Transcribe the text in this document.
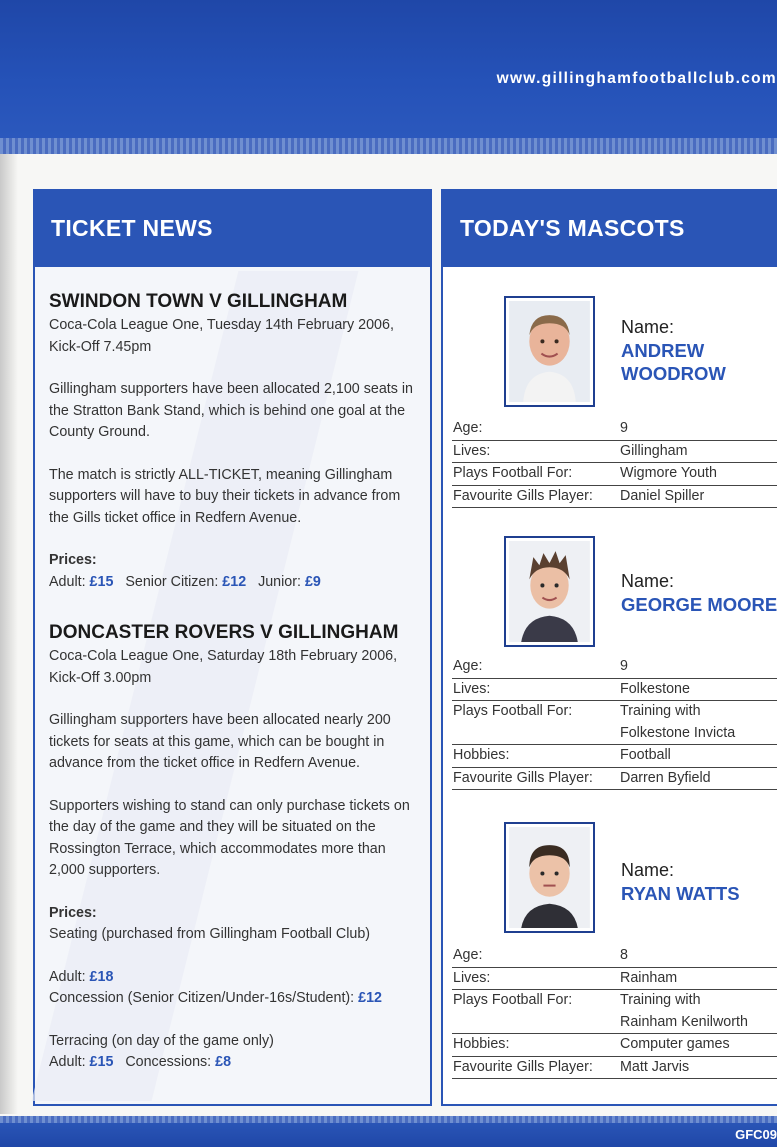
www.gillinghamfootballclub.com
TICKET NEWS
SWINDON TOWN V GILLINGHAM
Coca-Cola League One, Tuesday 14th February 2006, Kick-Off 7.45pm
Gillingham supporters have been allocated 2,100 seats in the Stratton Bank Stand, which is behind one goal at the County Ground.
The match is strictly ALL-TICKET, meaning Gillingham supporters will have to buy their tickets in advance from the Gills ticket office in Redfern Avenue.
Prices:
Adult: £15 Senior Citizen: £12 Junior: £9
DONCASTER ROVERS V GILLINGHAM
Coca-Cola League One, Saturday 18th February 2006, Kick-Off 3.00pm
Gillingham supporters have been allocated nearly 200 tickets for seats at this game, which can be bought in advance from the ticket office in Redfern Avenue.
Supporters wishing to stand can only purchase tickets on the day of the game and they will be situated on the Rossington Terrace, which accommodates more than 2,000 supporters.
Prices:
Seating (purchased from Gillingham Football Club)
Adult: £18
Concession (Senior Citizen/Under-16s/Student): £12
Terracing (on day of the game only)
Adult: £15 Concessions: £8
TODAY'S MASCOTS
Name:
ANDREW
WOODROW
Age:	9
Lives:	Gillingham
Plays Football For:	Wigmore Youth
Favourite Gills Player:	Daniel Spiller
Name:
GEORGE MOORE
Age:	9
Lives:	Folkestone
Plays Football For:	Training with
Folkestone Invicta
Hobbies:	Football
Favourite Gills Player:	Darren Byfield
Name:
RYAN WATTS
Age:	8
Lives:	Rainham
Plays Football For:	Training with
Rainham Kenilworth
Hobbies:	Computer games
Favourite Gills Player:	Matt Jarvis
GFC09
